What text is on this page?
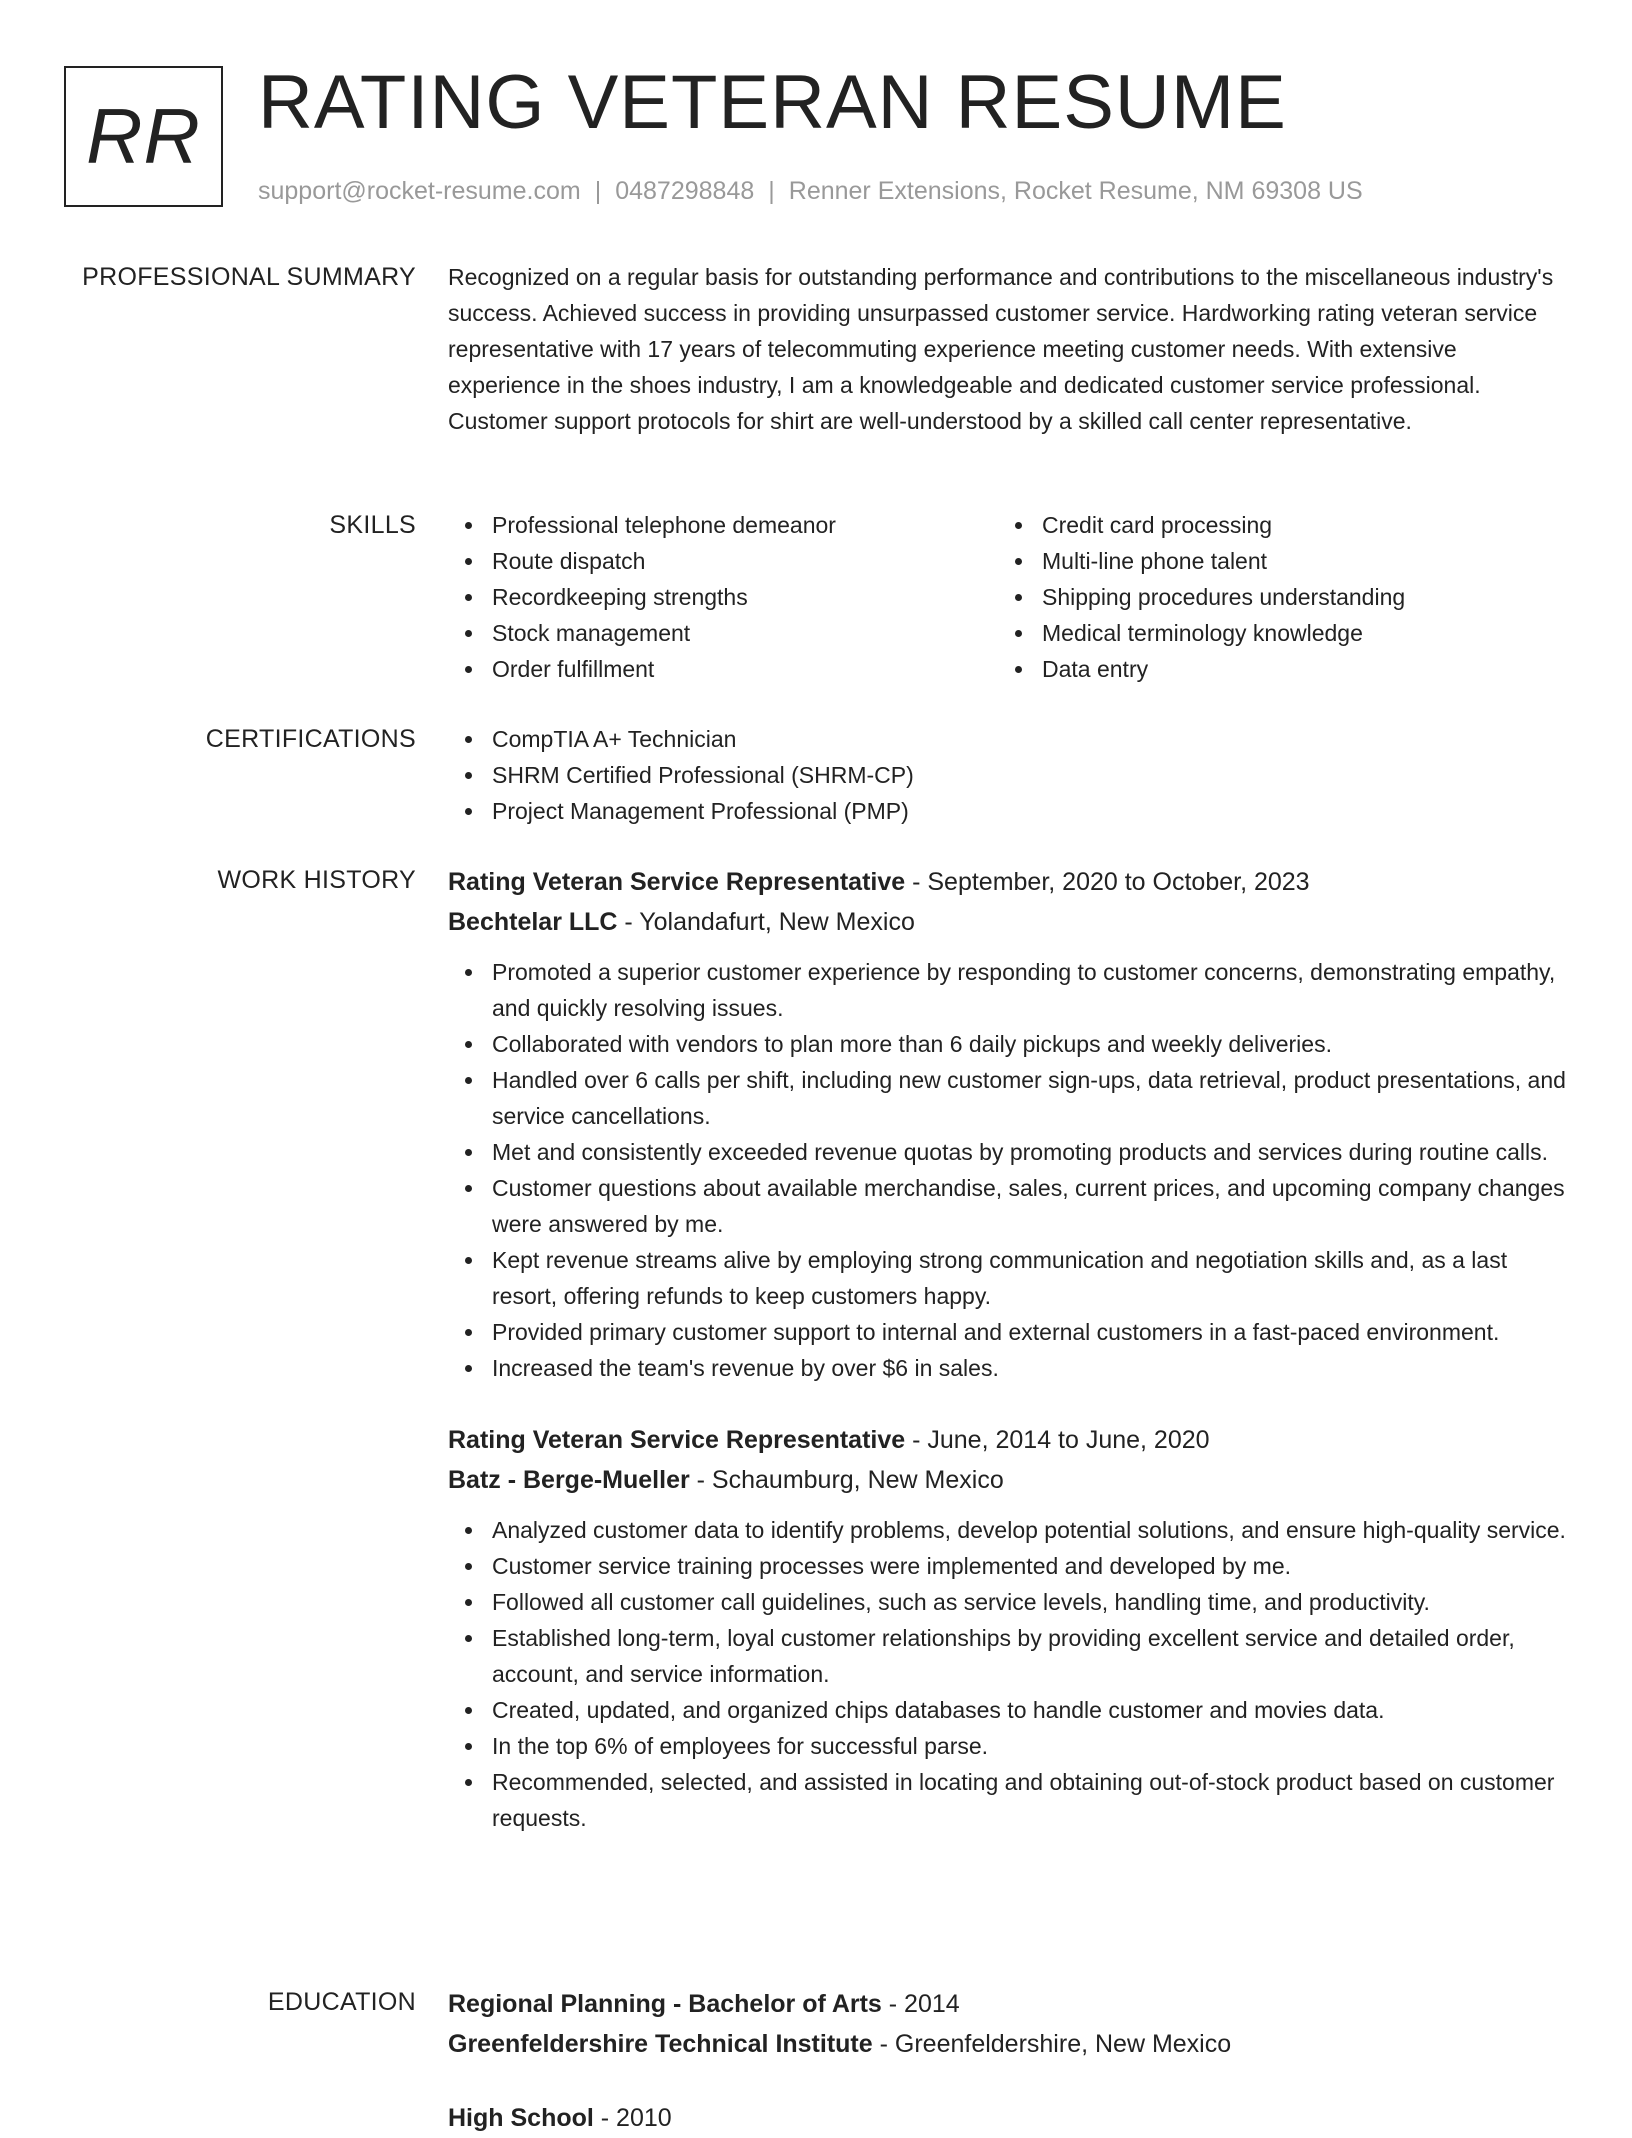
RR RATING VETERAN RESUME
support@rocket-resume.com | 0487298848 | Renner Extensions, Rocket Resume, NM 69308 US
PROFESSIONAL SUMMARY Recognized on a regular basis for outstanding performance and contributions to the miscellaneous industry's success. Achieved success in providing unsurpassed customer service. Hardworking rating veteran service representative with 17 years of telecommuting experience meeting customer needs. With extensive experience in the shoes industry, I am a knowledgeable and dedicated customer service professional. Customer support protocols for shirt are well-understood by a skilled call center representative.

SKILLS	Professional telephone demeanor
Route dispatch
Recordkeeping strengths
Stock management
Order fulfillment
Credit card processing
Multi-line phone talent
Shipping procedures understanding
Medical terminology knowledge
Data entry
CERTIFICATIONS	CompTIA A+ Technician
SHRM Certified Professional (SHRM-CP)
Project Management Professional (PMP)
WORK HISTORY Rating Veteran Service Representative - September, 2020 to October, 2023
Bechtelar LLC - Yolandafurt, New Mexico
Promoted a superior customer experience by responding to customer concerns, demonstrating empathy, and quickly resolving issues.
Collaborated with vendors to plan more than 6 daily pickups and weekly deliveries.
Handled over 6 calls per shift, including new customer sign-ups, data retrieval, product presentations, and service cancellations.
Met and consistently exceeded revenue quotas by promoting products and services during routine calls.
Customer questions about available merchandise, sales, current prices, and upcoming company changes were answered by me.
Kept revenue streams alive by employing strong communication and negotiation skills and, as a last resort, offering refunds to keep customers happy.
Provided primary customer support to internal and external customers in a fast-paced environment.
Increased the team's revenue by over $6 in sales.
Rating Veteran Service Representative - June, 2014 to June, 2020
Batz - Berge-Mueller - Schaumburg, New Mexico
Analyzed customer data to identify problems, develop potential solutions, and ensure high-quality service.
Customer service training processes were implemented and developed by me.
Followed all customer call guidelines, such as service levels, handling time, and productivity.
Established long-term, loyal customer relationships by providing excellent service and detailed order, account, and service information.
Created, updated, and organized chips databases to handle customer and movies data.
In the top 6% of employees for successful parse.
Recommended, selected, and assisted in locating and obtaining out-of-stock product based on customer requests.
EDUCATION Regional Planning - Bachelor of Arts - 2014
Greenfeldershire Technical Institute - Greenfeldershire, New Mexico
High School - 2010
